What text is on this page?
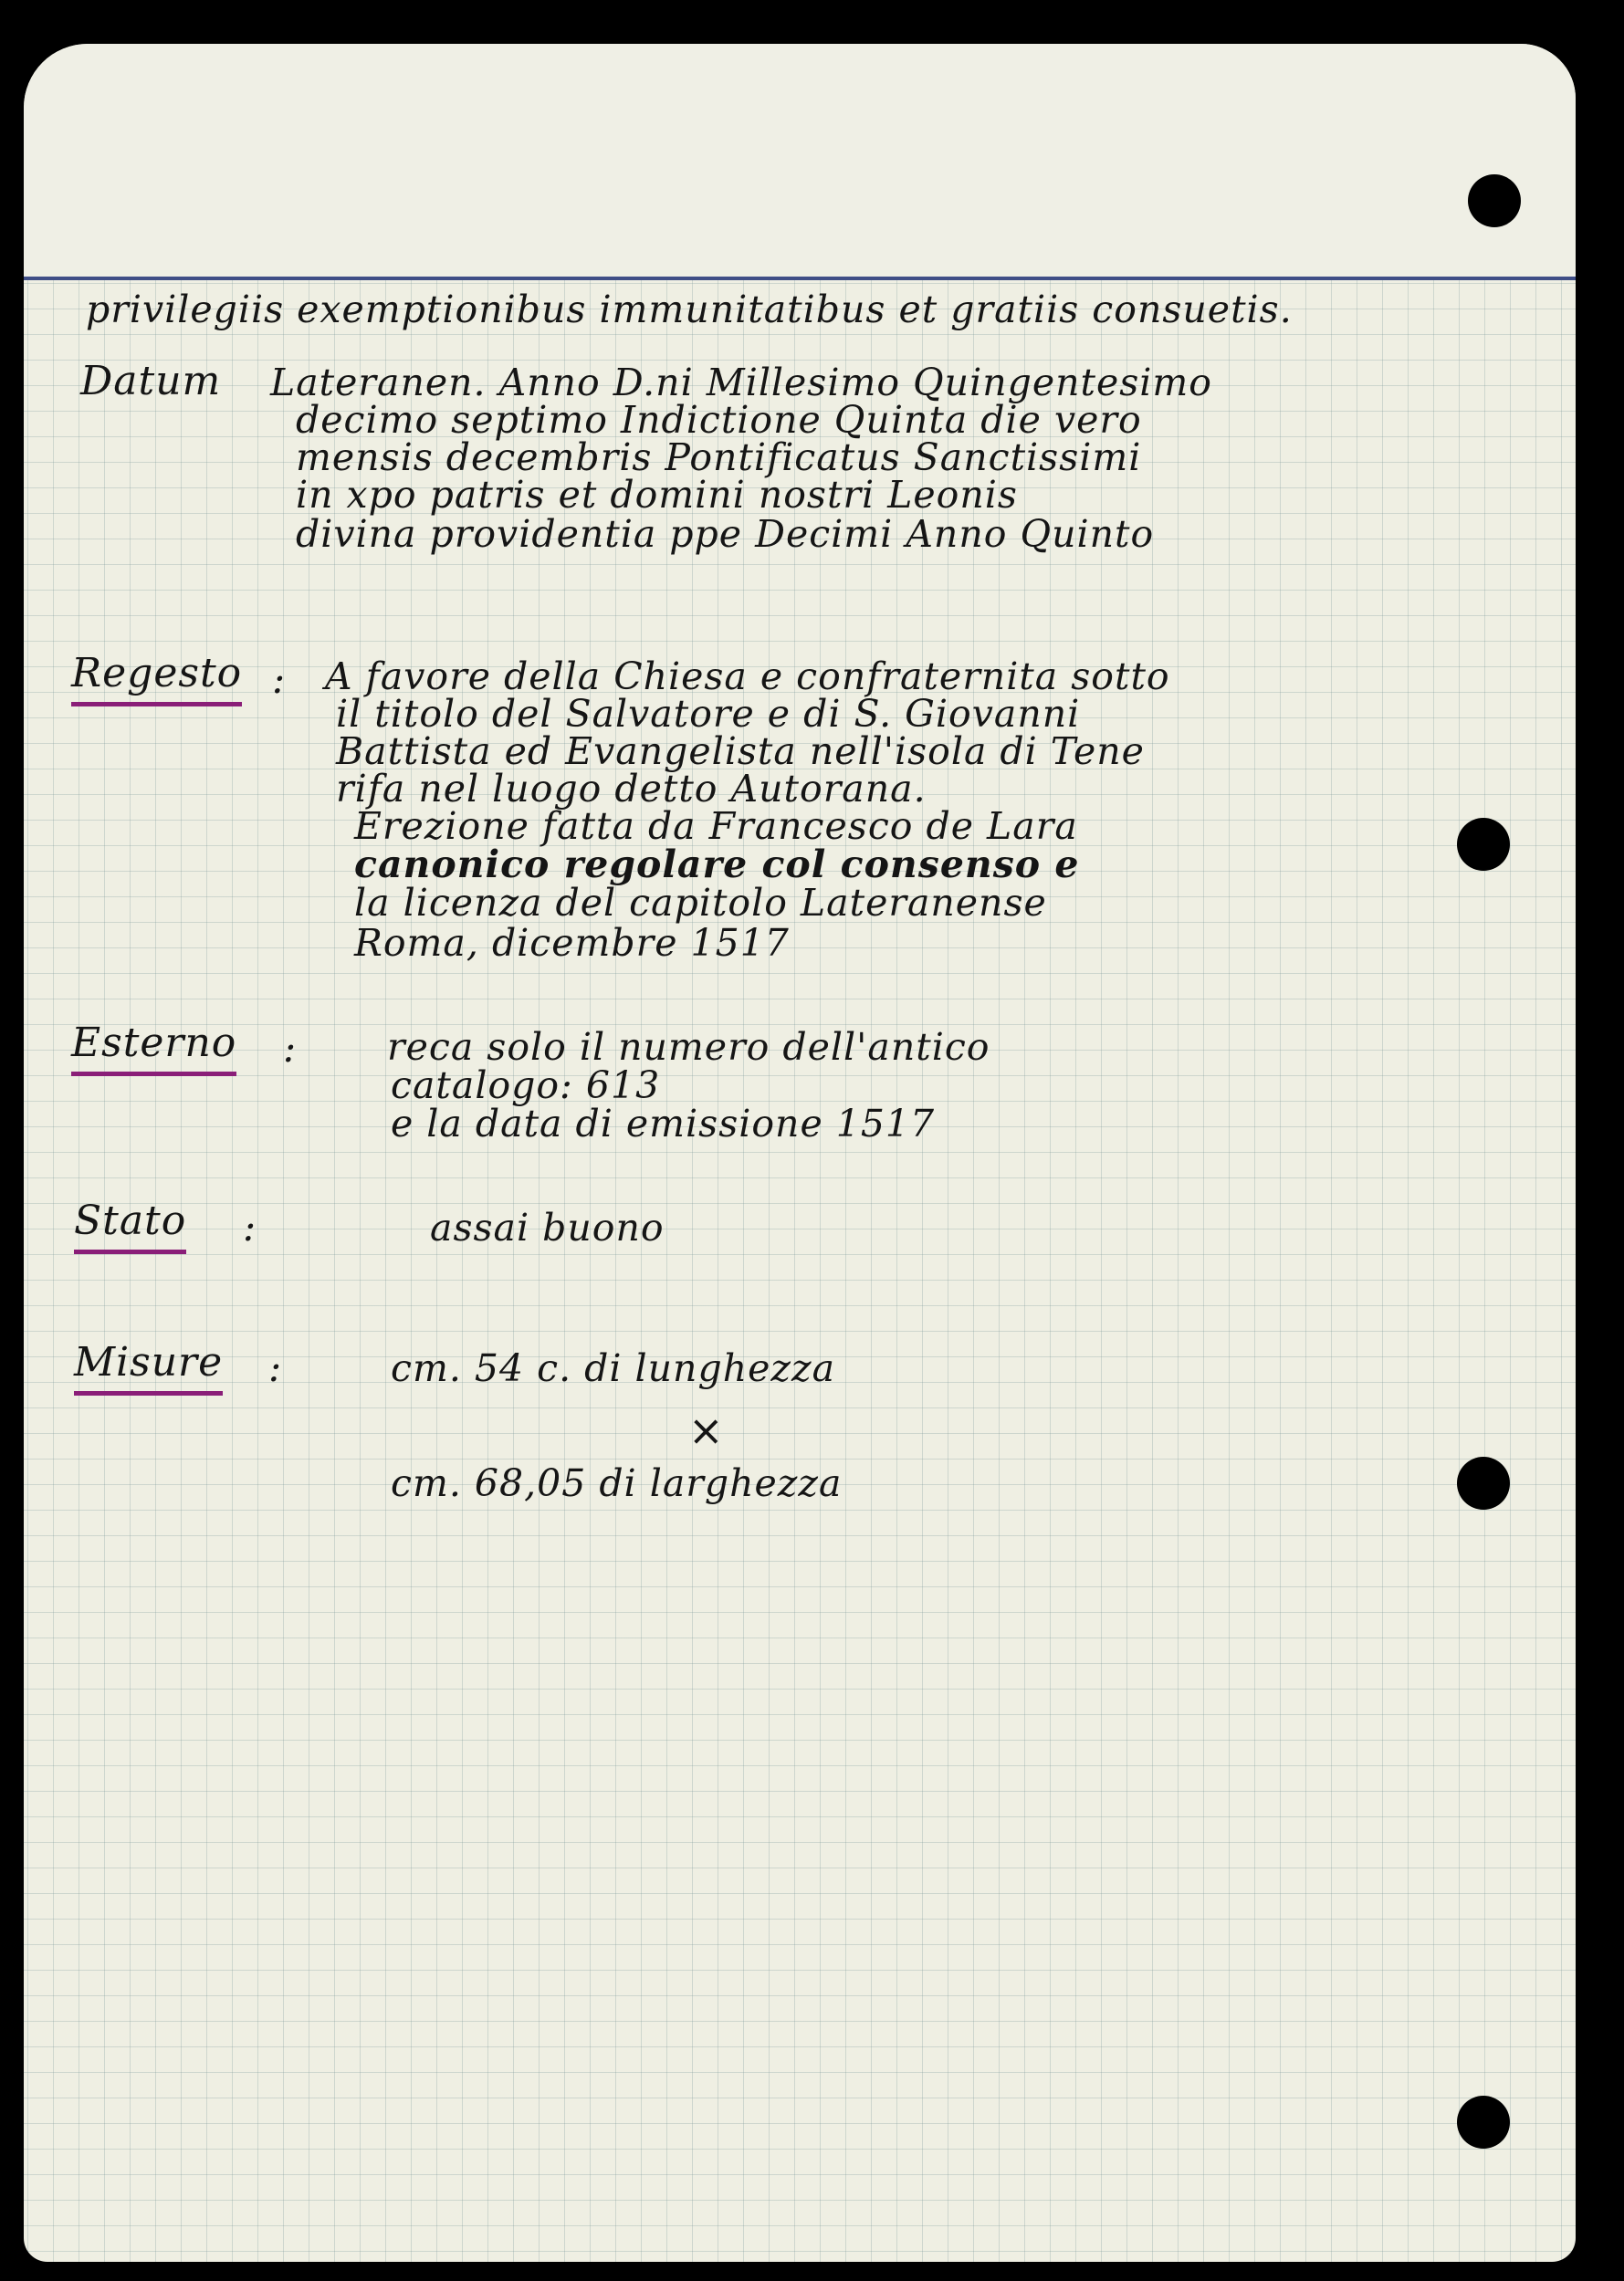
privilegiis exemptionibus immunitatibus et gratiis consuetis.
Datum Lateranen. Anno D.ni Millesimo Quingentesimo
decimo septimo Indictione Quinta die vero
mensis decembris Pontificatus Sanctissimi
in xpo patris et domini nostri Leonis
divina providentia ppe Decimi Anno Quinto
Regesto : A favore della Chiesa e confraternita sotto
il titolo del Salvatore e di S. Giovanni
Battista ed Evangelista nell'isola di Tene
rifa nel luogo detto Autorana.
Erezione fatta da Francesco de Lara
canonico regolare col consenso e
la licenza del capitolo Lateranense
Roma, dicembre 1517
Esterno : reca solo il numero dell'antico
catalogo: 613
e la data di emissione 1517
Stato :	assai buono
Misure :	cm. 54 c. di lunghezza
×
cm. 68,05 di larghezza
